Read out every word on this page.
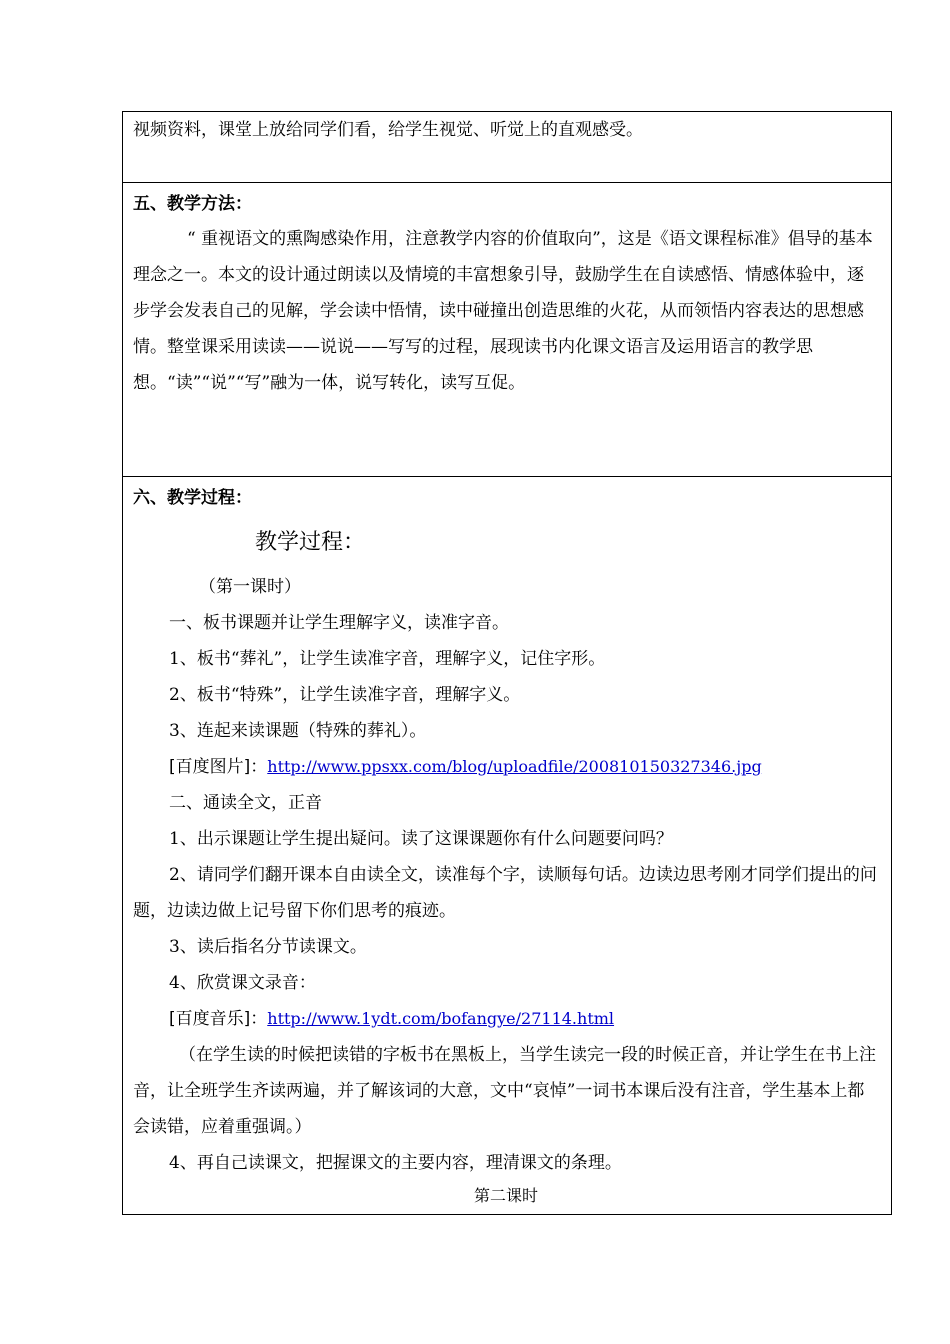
视频资料，课堂上放给同学们看，给学生视觉、听觉上的直观感受。

五、教学方法：

“ 重视语文的熏陶感染作用，注意教学内容的价值取向”，这是《语文课程标准》倡导的基本理念之一。本文的设计通过朗读以及情境的丰富想象引导，鼓励学生在自读感悟、情感体验中，逐步学会发表自己的见解，学会读中悟情，读中碰撞出创造思维的火花，从而领悟内容表达的思想感情。整堂课采用读读——说说——写写的过程，展现读书内化课文语言及运用语言的教学思想。“读”“说”“写”融为一体，说写转化，读写互促。

六、教学过程：
教学过程：

（第一课时）

一、板书课题并让学生理解字义，读准字音。

1、板书“葬礼”，让学生读准字音，理解字义，记住字形。

2、板书“特殊”，让学生读准字音，理解字义。

3、连起来读课题（特殊的葬礼）。

[百度图片]：http://www.ppsxx.com/blog/uploadfile/200810150327346.jpg

二、通读全文，正音

1、出示课题让学生提出疑问。读了这课课题你有什么问题要问吗？

2、请同学们翻开课本自由读全文，读准每个字，读顺每句话。边读边思考刚才同学们提出的问题，边读边做上记号留下你们思考的痕迹。

3、读后指名分节读课文。

4、欣赏课文录音：

[百度音乐]：http://www.1ydt.com/bofangye/27114.html

（在学生读的时候把读错的字板书在黑板上，当学生读完一段的时候正音，并让学生在书上注音，让全班学生齐读两遍，并了解该词的大意，文中“哀悼”一词书本课后没有注音，学生基本上都会读错，应着重强调。）

4、再自己读课文，把握课文的主要内容，理清课文的条理。

第二课时
